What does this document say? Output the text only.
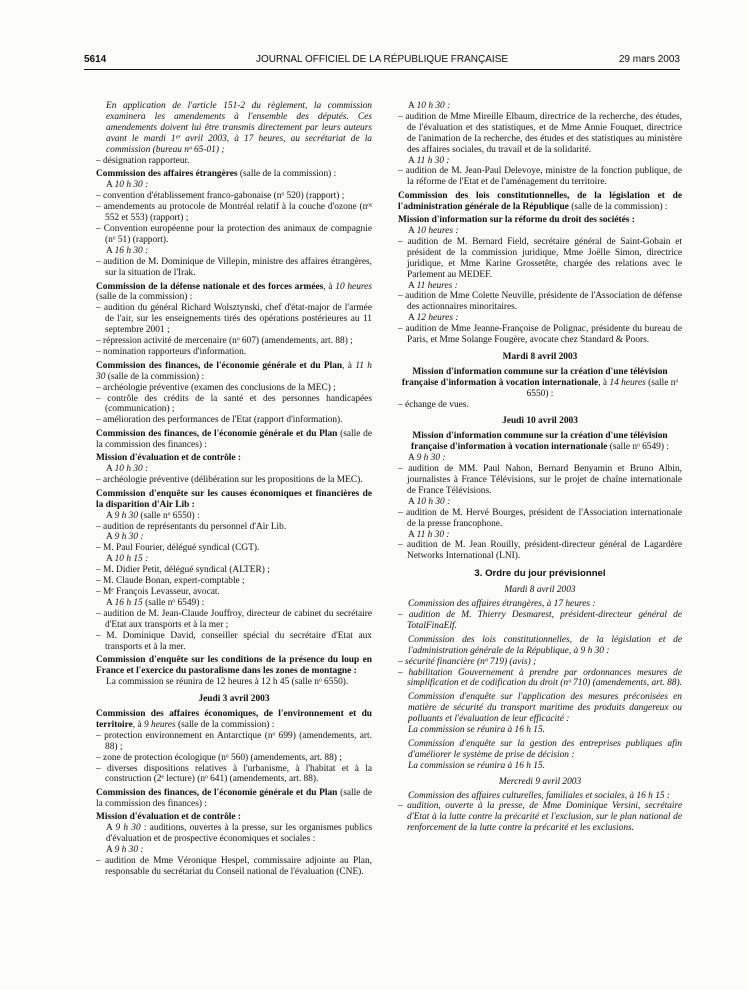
5614	JOURNAL OFFICIEL DE LA RÉPUBLIQUE FRANÇAISE	29 mars 2003

En application de l'article 151-2 du règlement, la commission examinera les amendements à l'ensemble des députés. Ces amendements doivent lui être transmis directement par leurs auteurs avant le mardi 1ᵉʳ avril 2003, à 17 heures, au secrétariat de la commission (bureau nᵒ 65-01) ;

– désignation rapporteur.

Commission des affaires étrangères (salle de la commission) :

A 10 h 30 :

– convention d'établissement franco-gabonaise (nᵒ 520) (rapport) ;

– amendements au protocole de Montréal relatif à la couche d'ozone (nᵒˢ 552 et 553) (rapport) ;

– Convention européenne pour la protection des animaux de compagnie (nᵒ 51) (rapport).

A 16 h 30 :

– audition de M. Dominique de Villepin, ministre des affaires étrangères, sur la situation de l'Irak.

Commission de la défense nationale et des forces armées, à 10 heures (salle de la commission) :

– audition du général Richard Wolsztynski, chef d'état-major de l'armée de l'air, sur les enseignements tirés des opérations postérieures au 11 septembre 2001 ;

– répression activité de mercenaire (nᵒ 607) (amendements, art. 88) ;

– nomination rapporteurs d'information.

Commission des finances, de l'économie générale et du Plan, à 11 h 30 (salle de la commission) :

– archéologie préventive (examen des conclusions de la MEC) ;

– contrôle des crédits de la santé et des personnes handicapées (communication) ;

– amélioration des performances de l'Etat (rapport d'information).

Commission des finances, de l'économie générale et du Plan (salle de la commission des finances) :

Mission d'évaluation et de contrôle :

A 10 h 30 :

– archéologie préventive (délibération sur les propositions de la MEC).

Commission d'enquête sur les causes économiques et financières de la disparition d'Air Lib :

A 9 h 30 (salle nᵒ 6550) :

– audition de représentants du personnel d'Air Lib.

A 9 h 30 :

– M. Paul Fourier, délégué syndical (CGT).

A 10 h 15 :

– M. Didier Petit, délégué syndical (ALTER) ;

– M. Claude Bonan, expert-comptable ;

– Mᵉ François Levasseur, avocat.

A 16 h 15 (salle nᵒ 6549) :

– audition de M. Jean-Claude Jouffroy, directeur de cabinet du secrétaire d'Etat aux transports et à la mer ;

– M. Dominique David, conseiller spécial du secrétaire d'Etat aux transports et à la mer.

Commission d'enquête sur les conditions de la présence du loup en France et l'exercice du pastoralisme dans les zones de montagne :

La commission se réunira de 12 heures à 12 h 45 (salle nᵒ 6550).

Jeudi 3 avril 2003

Commission des affaires économiques, de l'environnement et du territoire, à 9 heures (salle de la commission) :

– protection environnement en Antarctique (nᵒ 699) (amendements, art. 88) ;

– zone de protection écologique (nᵒ 560) (amendements, art. 88) ;

– diverses dispositions relatives à l'urbanisme, à l'habitat et à la construction (2ᵉ lecture) (nᵒ 641) (amendements, art. 88).

Commission des finances, de l'économie générale et du Plan (salle de la commission des finances) :

Mission d'évaluation et de contrôle :

A 9 h 30 : auditions, ouvertes à la presse, sur les organismes publics d'évaluation et de prospective économiques et sociales :

A 9 h 30 :

– audition de Mme Véronique Hespel, commissaire adjointe au Plan, responsable du secrétariat du Conseil national de l'évaluation (CNE).

A 10 h 30 :

– audition de Mme Mireille Elbaum, directrice de la recherche, des études, de l'évaluation et des statistiques, et de Mme Annie Fouquet, directrice de l'animation de la recherche, des études et des statistiques au ministère des affaires sociales, du travail et de la solidarité.

A 11 h 30 :

– audition de M. Jean-Paul Delevoye, ministre de la fonction publique, de la réforme de l'Etat et de l'aménagement du territoire.

Commission des lois constitutionnelles, de la législation et de l'administration générale de la République (salle de la commission) :

Mission d'information sur la réforme du droit des sociétés :

A 10 heures :

– audition de M. Bernard Field, secrétaire général de Saint-Gobain et président de la commission juridique, Mme Joëlle Simon, directrice juridique, et Mme Karine Grossetête, chargée des relations avec le Parlement au MEDEF.

A 11 heures :

– audition de Mme Colette Neuville, présidente de l'Association de défense des actionnaires minoritaires.

A 12 heures :

– audition de Mme Jeanne-Françoise de Polignac, présidente du bureau de Paris, et Mme Solange Fougère, avocate chez Standard & Poors.

Mardi 8 avril 2003

Mission d'information commune sur la création d'une télévision française d'information à vocation internationale, à 14 heures (salle nᵒ 6550) :

– échange de vues.

Jeudi 10 avril 2003

Mission d'information commune sur la création d'une télévision française d'information à vocation internationale (salle nᵒ 6549) :

A 9 h 30 :

– audition de MM. Paul Nahon, Bernard Benyamin et Bruno Albin, journalistes à France Télévisions, sur le projet de chaîne internationale de France Télévisions.

A 10 h 30 :

– audition de M. Hervé Bourges, président de l'Association internationale de la presse francophone.

A 11 h 30 :

– audition de M. Jean Rouilly, président-directeur général de Lagardère Networks International (LNI).

3. Ordre du jour prévisionnel

Mardi 8 avril 2003

Commission des affaires étrangères, à 17 heures :

– audition de M. Thierry Desmarest, président-directeur général de TotalFinaElf.

Commission des lois constitutionnelles, de la législation et de l'administration générale de la République, à 9 h 30 :

– sécurité financière (nᵒ 719) (avis) ;

– habilitation Gouvernement à prendre par ordonnances mesures de simplification et de codification du droit (nᵒ 710) (amendements, art. 88).

Commission d'enquête sur l'application des mesures préconisées en matière de sécurité du transport maritime des produits dangereux ou polluants et l'évaluation de leur efficacité :

La commission se réunira à 16 h 15.

Commission d'enquête sur la gestion des entreprises publiques afin d'améliorer le système de prise de décision :

La commission se réunira à 16 h 15.

Mercredi 9 avril 2003

Commission des affaires culturelles, familiales et sociales, à 16 h 15 :

– audition, ouverte à la presse, de Mme Dominique Versini, secrétaire d'Etat à la lutte contre la précarité et l'exclusion, sur le plan national de renforcement de la lutte contre la précarité et les exclusions.
